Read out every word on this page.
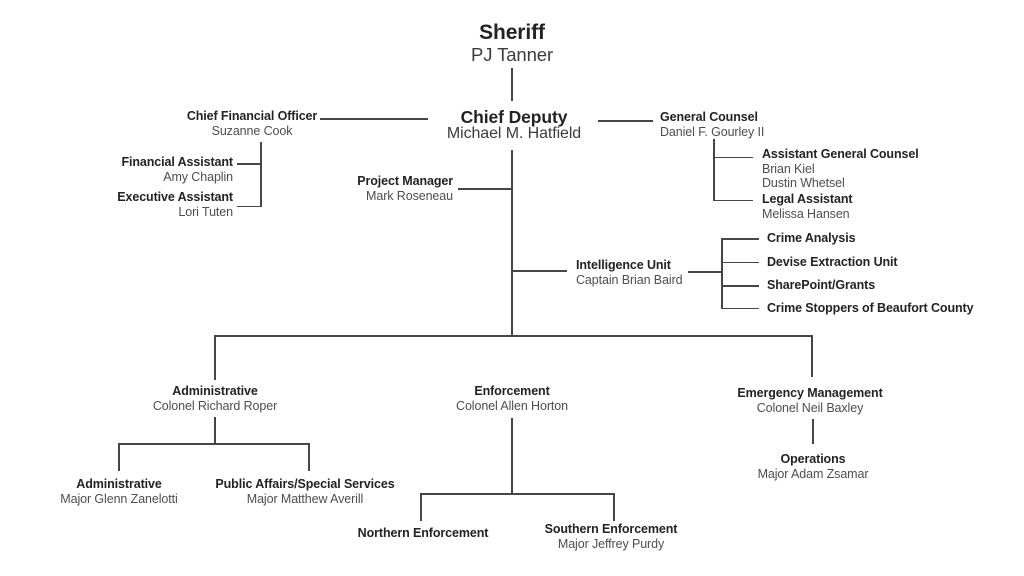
Sheriff
PJ Tanner
Chief Deputy
Michael M. Hatfield
Chief Financial Officer
Suzanne Cook
Financial Assistant
Amy Chaplin
Executive Assistant
Lori Tuten
Project Manager
Mark Roseneau
General Counsel
Daniel F. Gourley II
Assistant General Counsel
Brian Kiel
Dustin Whetsel
Legal Assistant
Melissa Hansen
Intelligence Unit
Captain Brian Baird
Crime Analysis
Devise Extraction Unit
SharePoint/Grants
Crime Stoppers of Beaufort County
Administrative
Colonel Richard Roper
Enforcement
Colonel Allen Horton
Emergency Management
Colonel Neil Baxley
Administrative
Major Glenn Zanelotti
Public Affairs/Special Services
Major Matthew Averill
Northern Enforcement	Southern Enforcement
Major Jeffrey Purdy
Operations
Major Adam Zsamar
